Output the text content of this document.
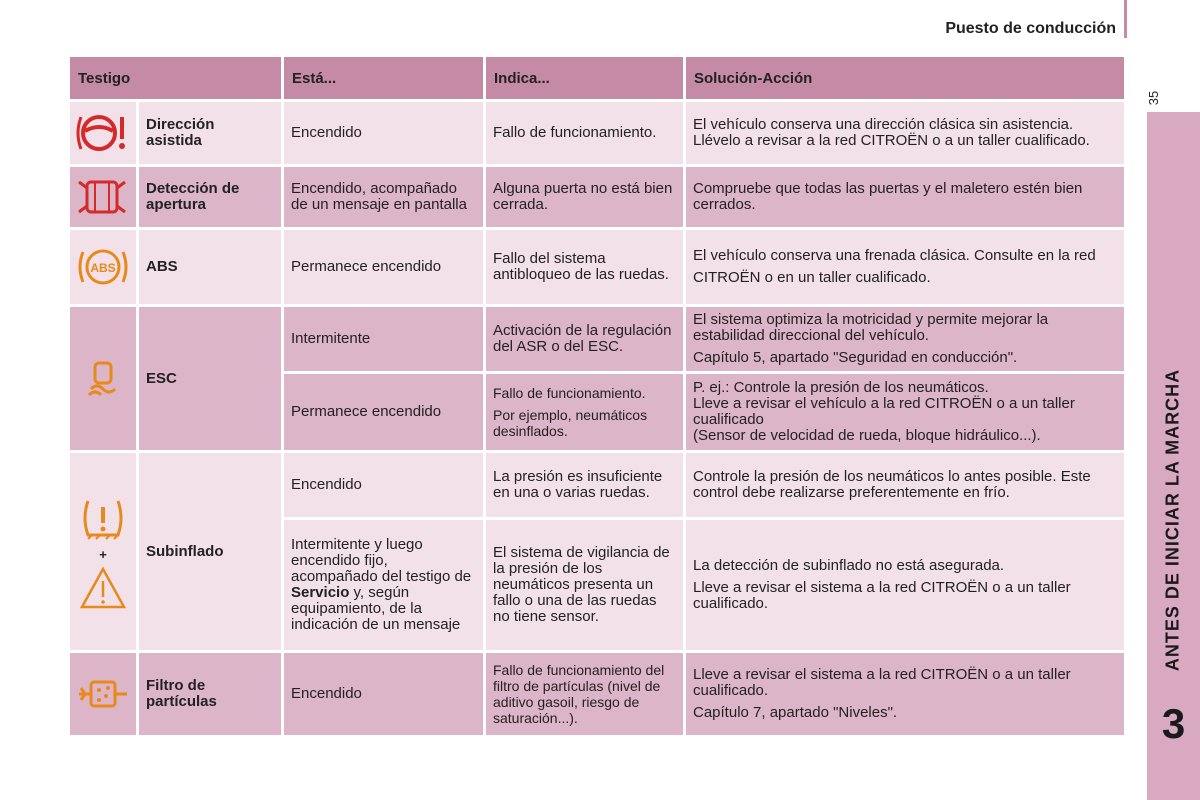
Puesto de conducción
35
ANTES DE INICIAR LA MARCHA
3
Testigo		Está...	Indica...	Solución-Acción

	Dirección asistida	Encendido	Fallo de funcionamiento.	El vehículo conserva una dirección clásica sin asistencia. Llévelo a revisar a la red CITROËN o a un taller cualificado.

	Detección de apertura	Encendido, acompañado de un mensaje en pantalla	Alguna puerta no está bien cerrada.	Compruebe que todas las puertas y el maletero estén bien cerrados.

ABS	ABS	Permanece encendido	Fallo del sistema antibloqueo de las ruedas.	El vehículo conserva una frenada clásica. Consulte en la red
CITROËN o en un taller cualificado.

	ESC	Intermitente	Activación de la regulación del ASR o del ESC.	El sistema optimiza la motricidad y permite mejorar la estabilidad direccional del vehículo.
Capítulo 5, apartado "Seguridad en conducción".

		Permanece encendido	Fallo de funcionamiento.
Por ejemplo, neumáticos desinflados.	P. ej.: Controle la presión de los neumáticos.
Lleve a revisar el vehículo a la red CITROËN o a un taller cualificado
(Sensor de velocidad de rueda, bloque hidráulico...).

+	Subinflado	Encendido	La presión es insuficiente en una o varias ruedas.	Controle la presión de los neumáticos lo antes posible. Este control debe realizarse preferentemente en frío.
		Intermitente y luego encendido fijo, acompañado del testigo de Servicio y, según equipamiento, de la indicación de un mensaje	El sistema de vigilancia de la presión de los neumáticos presenta un fallo o una de las ruedas no tiene sensor.	La detección de subinflado no está asegurada.
Lleve a revisar el sistema a la red CITROËN o a un taller cualificado.

	Filtro de partículas	Encendido	Fallo de funcionamiento del filtro de partículas (nivel de aditivo gasoil, riesgo de saturación...).	Lleve a revisar el sistema a la red CITROËN o a un taller cualificado.
Capítulo 7, apartado "Niveles".
